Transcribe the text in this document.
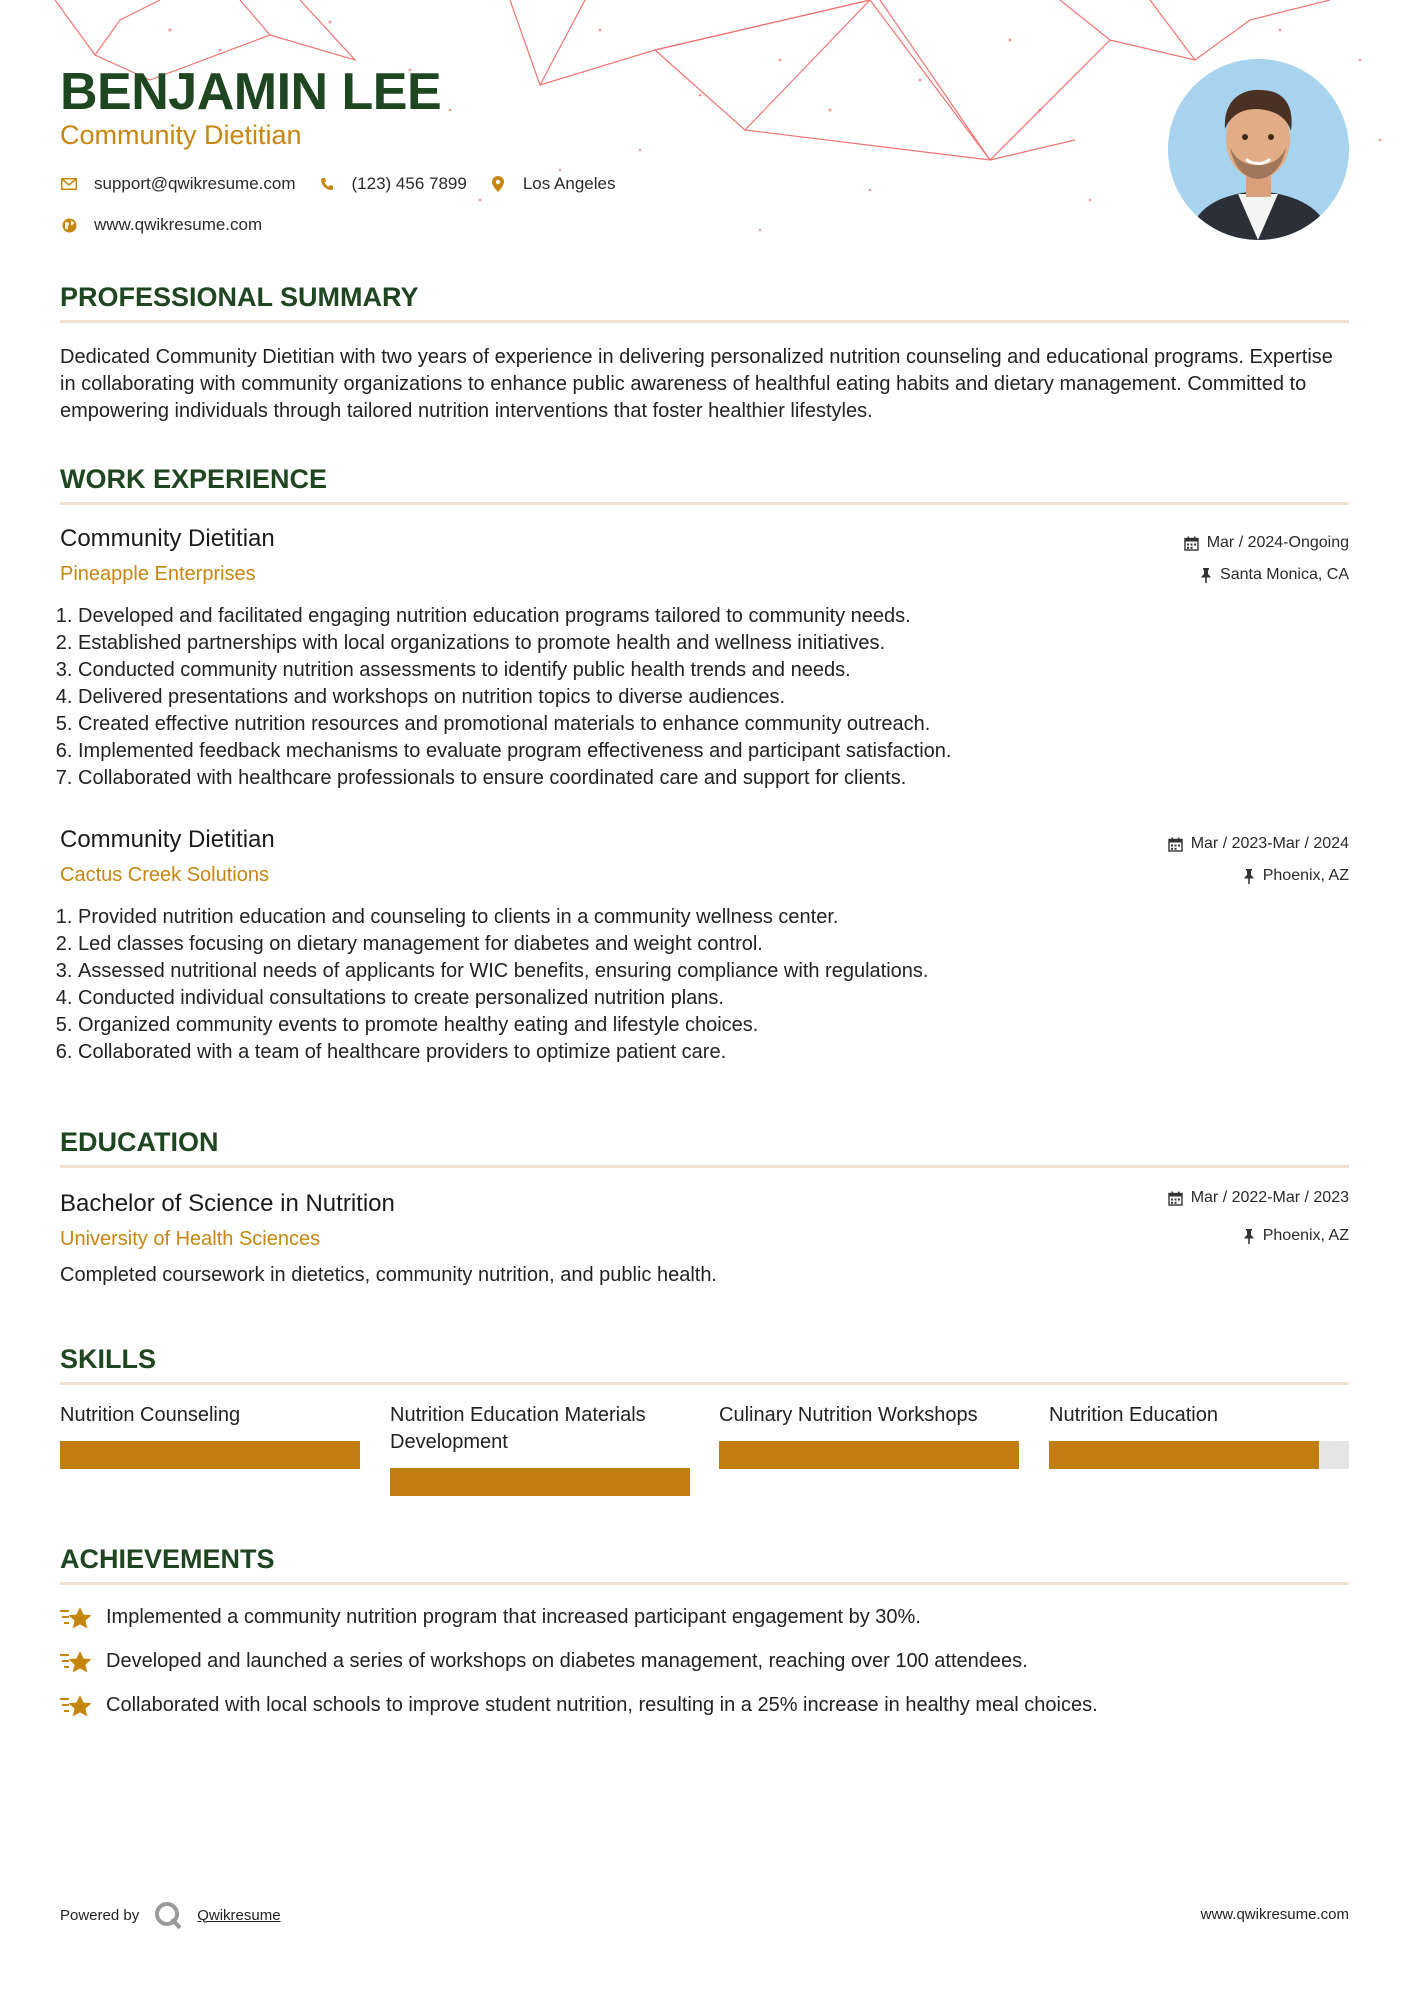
BENJAMIN LEE
Community Dietitian
support@qwikresume.com	(123) 456 7899	Los Angeles
www.qwikresume.com
PROFESSIONAL SUMMARY
Dedicated Community Dietitian with two years of experience in delivering personalized nutrition counseling and educational programs. Expertise in collaborating with community organizations to enhance public awareness of healthful eating habits and dietary management. Committed to empowering individuals through tailored nutrition interventions that foster healthier lifestyles.
WORK EXPERIENCE
Community Dietitian
Pineapple Enterprises
Mar / 2024-Ongoing
Santa Monica, CA
1. Developed and facilitated engaging nutrition education programs tailored to community needs.
2. Established partnerships with local organizations to promote health and wellness initiatives.
3. Conducted community nutrition assessments to identify public health trends and needs.
4. Delivered presentations and workshops on nutrition topics to diverse audiences.
5. Created effective nutrition resources and promotional materials to enhance community outreach.
6. Implemented feedback mechanisms to evaluate program effectiveness and participant satisfaction.
7. Collaborated with healthcare professionals to ensure coordinated care and support for clients.
Community Dietitian
Cactus Creek Solutions
Mar / 2023-Mar / 2024
Phoenix, AZ
1. Provided nutrition education and counseling to clients in a community wellness center.
2. Led classes focusing on dietary management for diabetes and weight control.
3. Assessed nutritional needs of applicants for WIC benefits, ensuring compliance with regulations.
4. Conducted individual consultations to create personalized nutrition plans.
5. Organized community events to promote healthy eating and lifestyle choices.
6. Collaborated with a team of healthcare providers to optimize patient care.
EDUCATION
Bachelor of Science in Nutrition
University of Health Sciences
Mar / 2022-Mar / 2023
Phoenix, AZ
Completed coursework in dietetics, community nutrition, and public health.
SKILLS
Nutrition Counseling	Nutrition Education Materials Development
Culinary Nutrition Workshops	Nutrition Education
ACHIEVEMENTS
Implemented a community nutrition program that increased participant engagement by 30%.
Developed and launched a series of workshops on diabetes management, reaching over 100 attendees.
Collaborated with local schools to improve student nutrition, resulting in a 25% increase in healthy meal choices.
Powered by	Qwikresume	www.qwikresume.com
